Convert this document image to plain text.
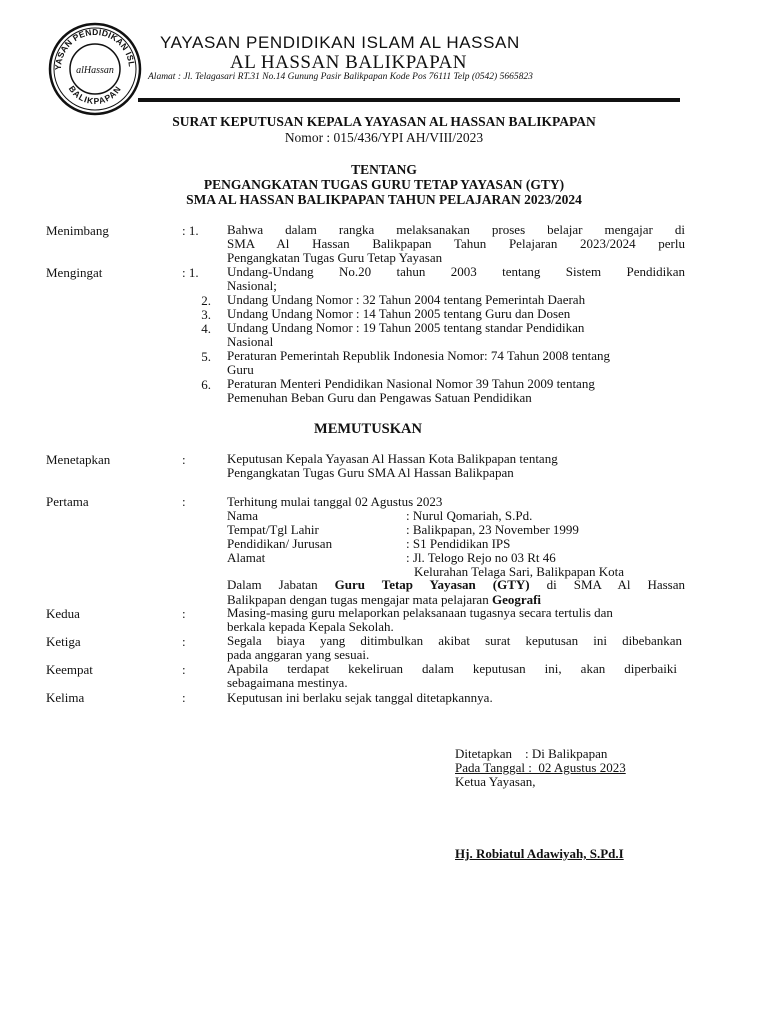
YASAN PENDIDIKAN ISL
BALIKPAPAN
alHassan
YAYASAN PENDIDIKAN ISLAM AL HASSAN
AL HASSAN BALIKPAPAN
Alamat : Jl. Telagasari RT.31 No.14 Gunung Pasir Balikpapan Kode Pos 76111 Telp (0542) 5665823
SURAT KEPUTUSAN KEPALA YAYASAN AL HASSAN BALIKPAPAN
Nomor : 015/436/YPI AH/VIII/2023
TENTANG
PENGANGKATAN TUGAS GURU TETAP YAYASAN (GTY)
SMA AL HASSAN BALIKPAPAN TAHUN PELAJARAN 2023/2024
Menimbang	: 1. Bahwa dalam rangka melaksanakan proses belajar mengajar di
SMA Al Hassan Balikpapan Tahun Pelajaran 2023/2024 perlu
Pengangkatan Tugas Guru Tetap Yayasan
Mengingat	: 1. Undang-Undang No.20 tahun 2003 tentang Sistem Pendidikan
Nasional;
2. Undang Undang Nomor : 32 Tahun 2004 tentang Pemerintah Daerah
3. Undang Undang Nomor : 14 Tahun 2005 tentang Guru dan Dosen
4. Undang Undang Nomor : 19 Tahun 2005 tentang standar Pendidikan
Nasional
5. Peraturan Pemerintah Republik Indonesia Nomor: 74 Tahun 2008 tentang
Guru
6. Peraturan Menteri Pendidikan Nasional Nomor 39 Tahun 2009 tentang
Pemenuhan Beban Guru dan Pengawas Satuan Pendidikan
MEMUTUSKAN
Menetapkan	:	Keputusan Kepala Yayasan Al Hassan Kota Balikpapan tentang
Pengangkatan Tugas Guru SMA Al Hassan Balikpapan
Pertama	:	Terhitung mulai tanggal 02 Agustus 2023
Nama	: Nurul Qomariah, S.Pd.
Tempat/Tgl Lahir	: Balikpapan, 23 November 1999
Pendidikan/ Jurusan	: S1 Pendidikan IPS
Alamat	: Jl. Telogo Rejo no 03 Rt 46
Kelurahan Telaga Sari, Balikpapan Kota
Dalam Jabatan Guru Tetap Yayasan (GTY) di SMA Al Hassan
Balikpapan dengan tugas mengajar mata pelajaran Geografi
Kedua	:	Masing-masing guru melaporkan pelaksanaan tugasnya secara tertulis dan
berkala kepada Kepala Sekolah.
Ketiga	:	Segala biaya yang ditimbulkan akibat surat keputusan ini dibebankan
pada anggaran yang sesuai.
Keempat	:	Apabila terdapat kekeliruan dalam keputusan ini, akan diperbaiki
sebagaimana mestinya.
Kelima	:	Keputusan ini berlaku sejak tanggal ditetapkannya.
Ditetapkan    : Di Balikpapan
Pada Tanggal :  02 Agustus 2023
Ketua Yayasan,
Hj. Robiatul Adawiyah, S.Pd.I
